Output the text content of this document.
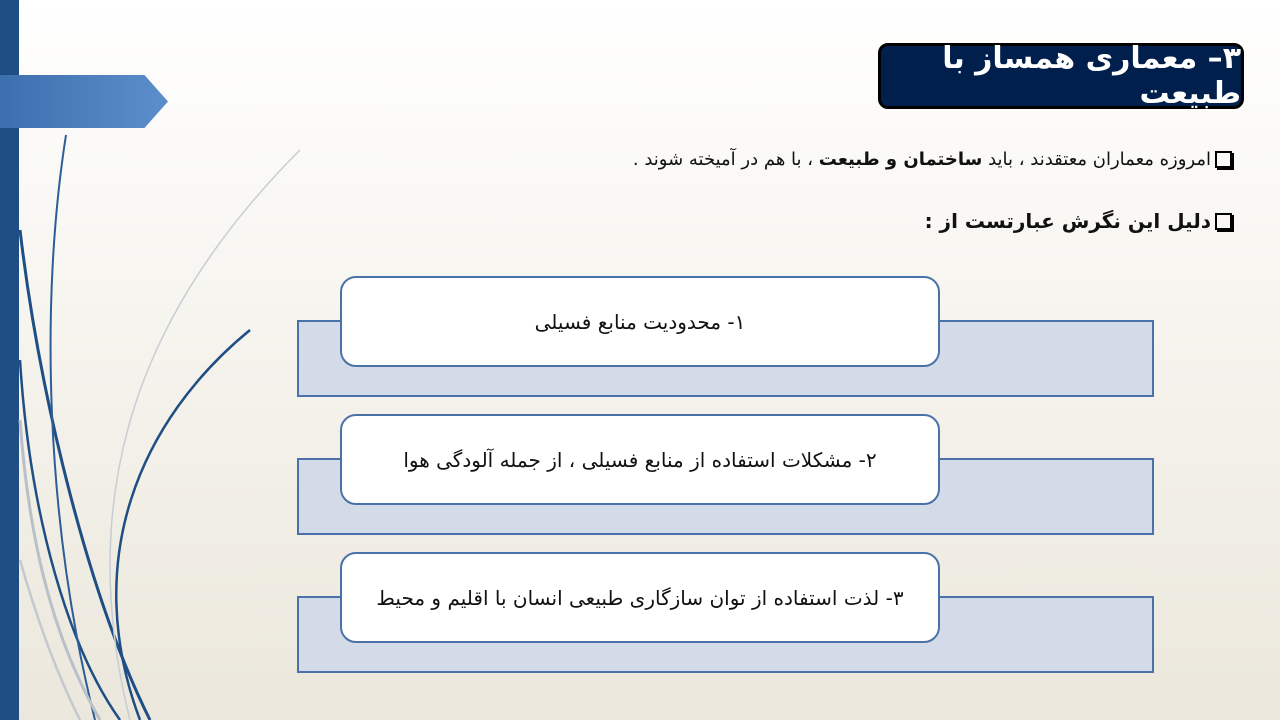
۳– معماری همساز با طبیعت
امروزه معماران معتقدند ، باید ساختمان و طبیعت ، با هم در آمیخته شوند .
دلیل این نگرش عبارتست از :
۱- محدودیت منابع فسیلی
۲- مشکلات استفاده از منابع فسیلی ، از جمله آلودگی هوا
۳- لذت استفاده از توان سازگاری طبیعی انسان با اقلیم و محیط
